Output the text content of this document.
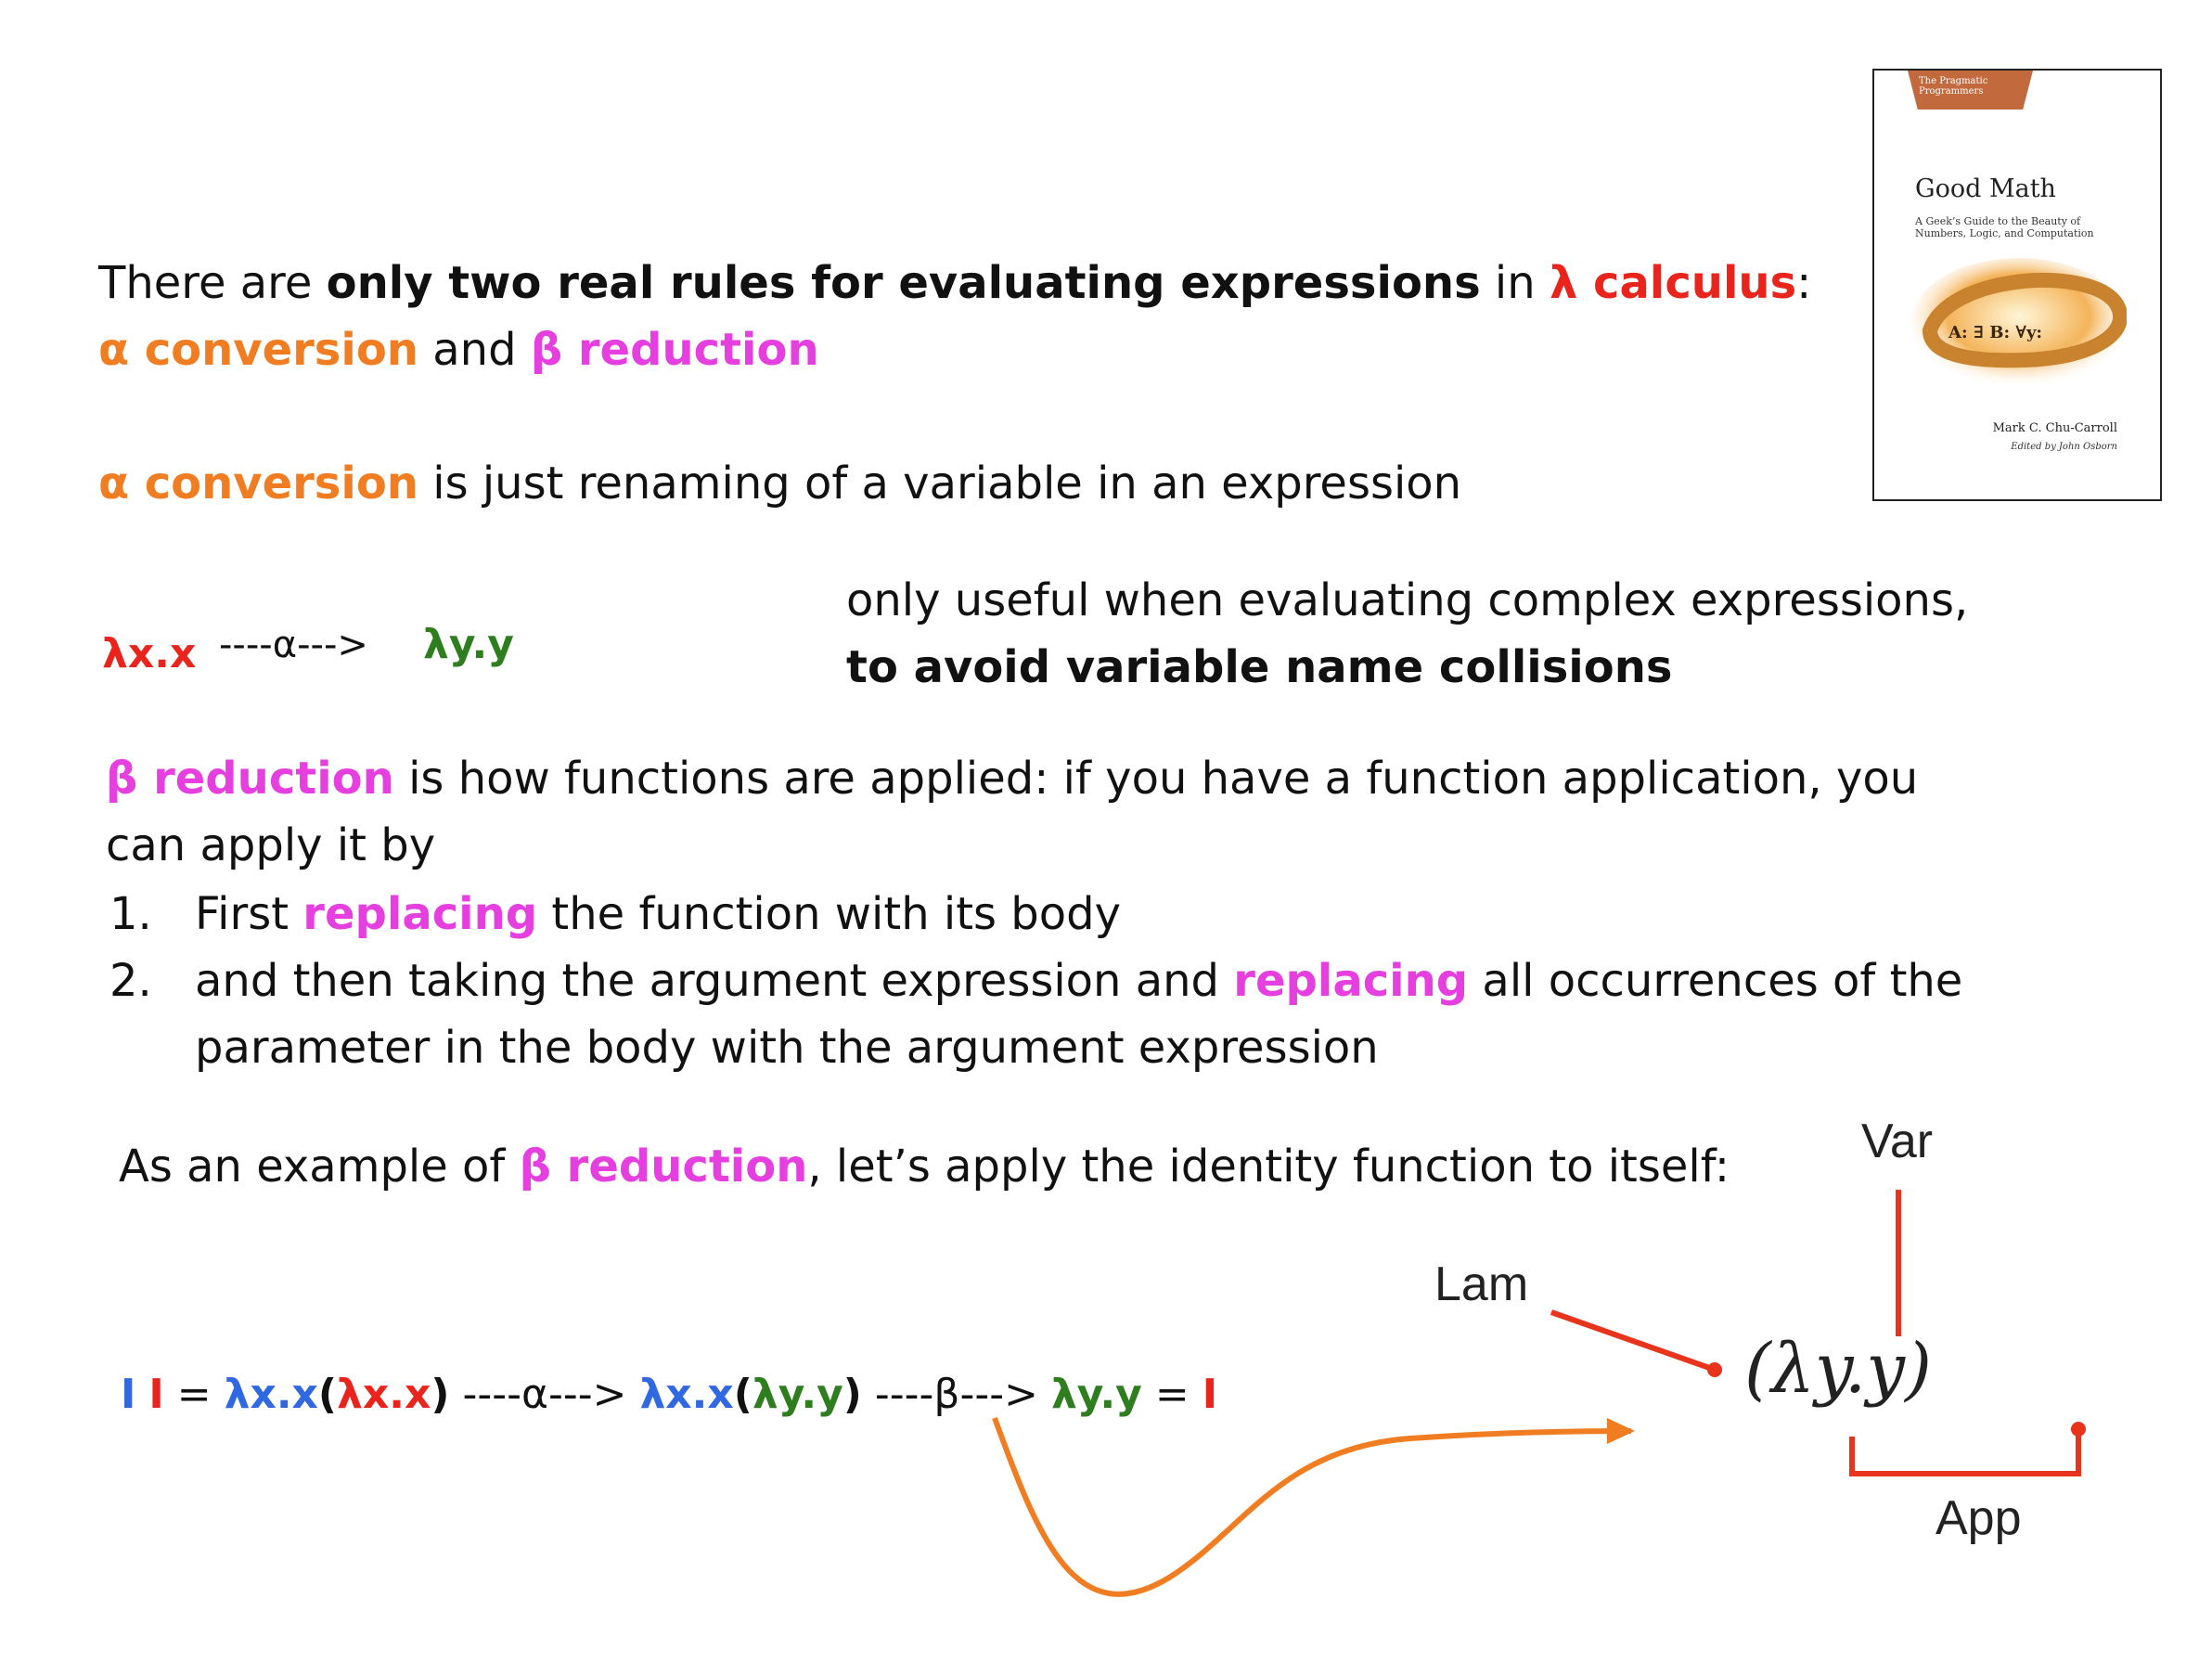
There are only two real rules for evaluating expressions in λ calculus:
α conversion and β reduction
α conversion is just renaming of a variable in an expression
λx.x ----α---> λy.y
only useful when evaluating complex expressions,
to avoid variable name collisions
β reduction is how functions are applied: if you have a function application, you
can apply it by
1. First replacing the function with its body
2. and then taking the argument expression and replacing all occurrences of the
parameter in the body with the argument expression
As an example of β reduction, let’s apply the identity function to itself:
I I = λx.x(λx.x) ----α---> λx.x(λy.y) ----β---> λy.y = I
Var
Lam
App
(λy.y)
The Pragmatic Programmers
Good Math
A Geek’s Guide to the Beauty of Numbers, Logic, and Computation
A: ∃ B: ∀y:
Mark C. Chu-Carroll
Edited by John Osborn
